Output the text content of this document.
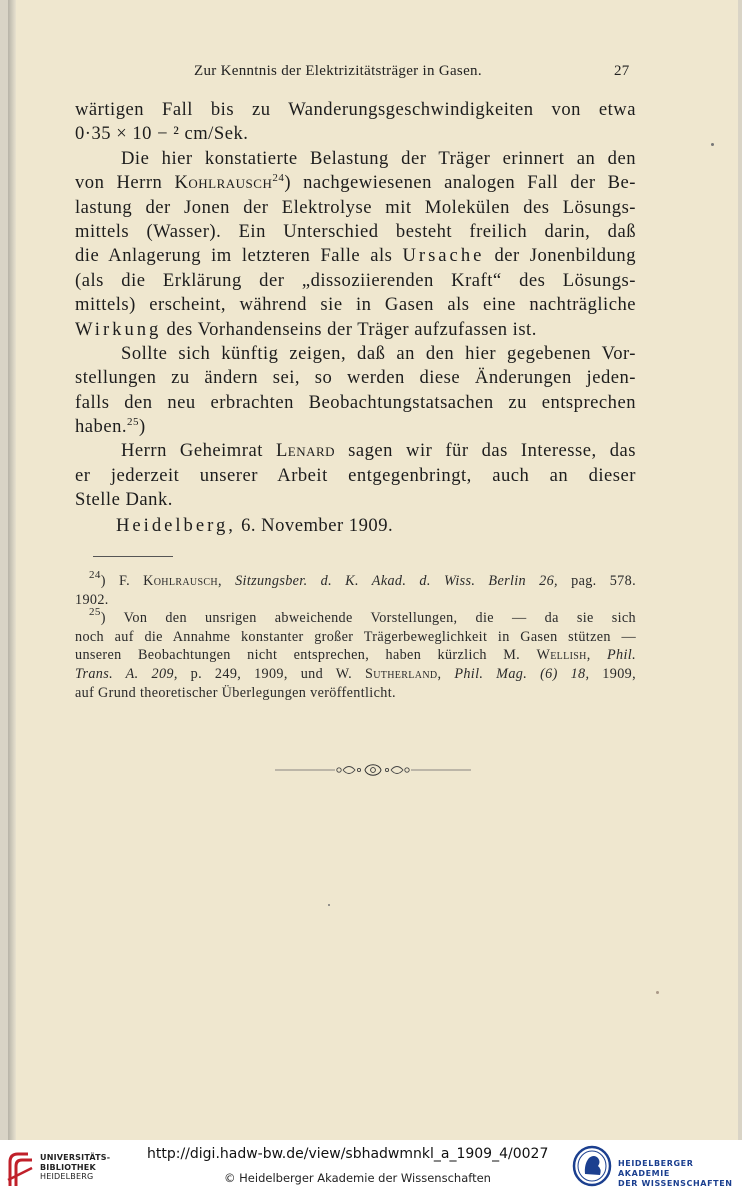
Zur Kenntnis der Elektrizitätsträger in Gasen.	27
wärtigen Fall bis zu Wanderungsgeschwindigkeiten von etwa
0·35 × 10 − ² cm/Sek.
Die hier konstatierte Belastung der Träger erinnert an den
von Herrn Kohlrausch$^{24}$) nachgewiesenen analogen Fall der Be-
lastung der Jonen der Elektrolyse mit Molekülen des Lösungs-
mittels (Wasser). Ein Unterschied besteht freilich darin, daß
die Anlagerung im letzteren Falle als Ursache der Jonenbildung
(als die Erklärung der „dissoziierenden Kraft“ des Lösungs-
mittels) erscheint, während sie in Gasen als eine nachträgliche
Wirkung des Vorhandenseins der Träger aufzufassen ist.
Sollte sich künftig zeigen, daß an den hier gegebenen Vor-
stellungen zu ändern sei, so werden diese Änderungen jeden-
falls den neu erbrachten Beobachtungstatsachen zu entsprechen
haben.$^{25}$)
Herrn Geheimrat Lenard sagen wir für das Interesse, das
er jederzeit unserer Arbeit entgegenbringt, auch an dieser
Stelle Dank.
Heidelberg, 6. November 1909.
$^{24}$) F. Kohlrausch, Sitzungsber. d. K. Akad. d. Wiss. Berlin 26, pag. 578.
1902.
$^{25}$) Von den unsrigen abweichende Vorstellungen, die — da sie sich
noch auf die Annahme konstanter großer Trägerbeweglichkeit in Gasen stützen —
unseren Beobachtungen nicht entsprechen, haben kürzlich M. Wellish, Phil.
Trans. A. 209, p. 249, 1909, und W. Sutherland, Phil. Mag. (6) 18, 1909,
auf Grund theoretischer Überlegungen veröffentlicht.
UNIVERSITÄTS-
BIBLIOTHEK
HEIDELBERG
http://digi.hadw-bw.de/view/sbhadwmnkl_a_1909_4/0027
© Heidelberger Akademie der Wissenschaften
HEIDELBERGER AKADEMIE
DER WISSENSCHAFTEN
